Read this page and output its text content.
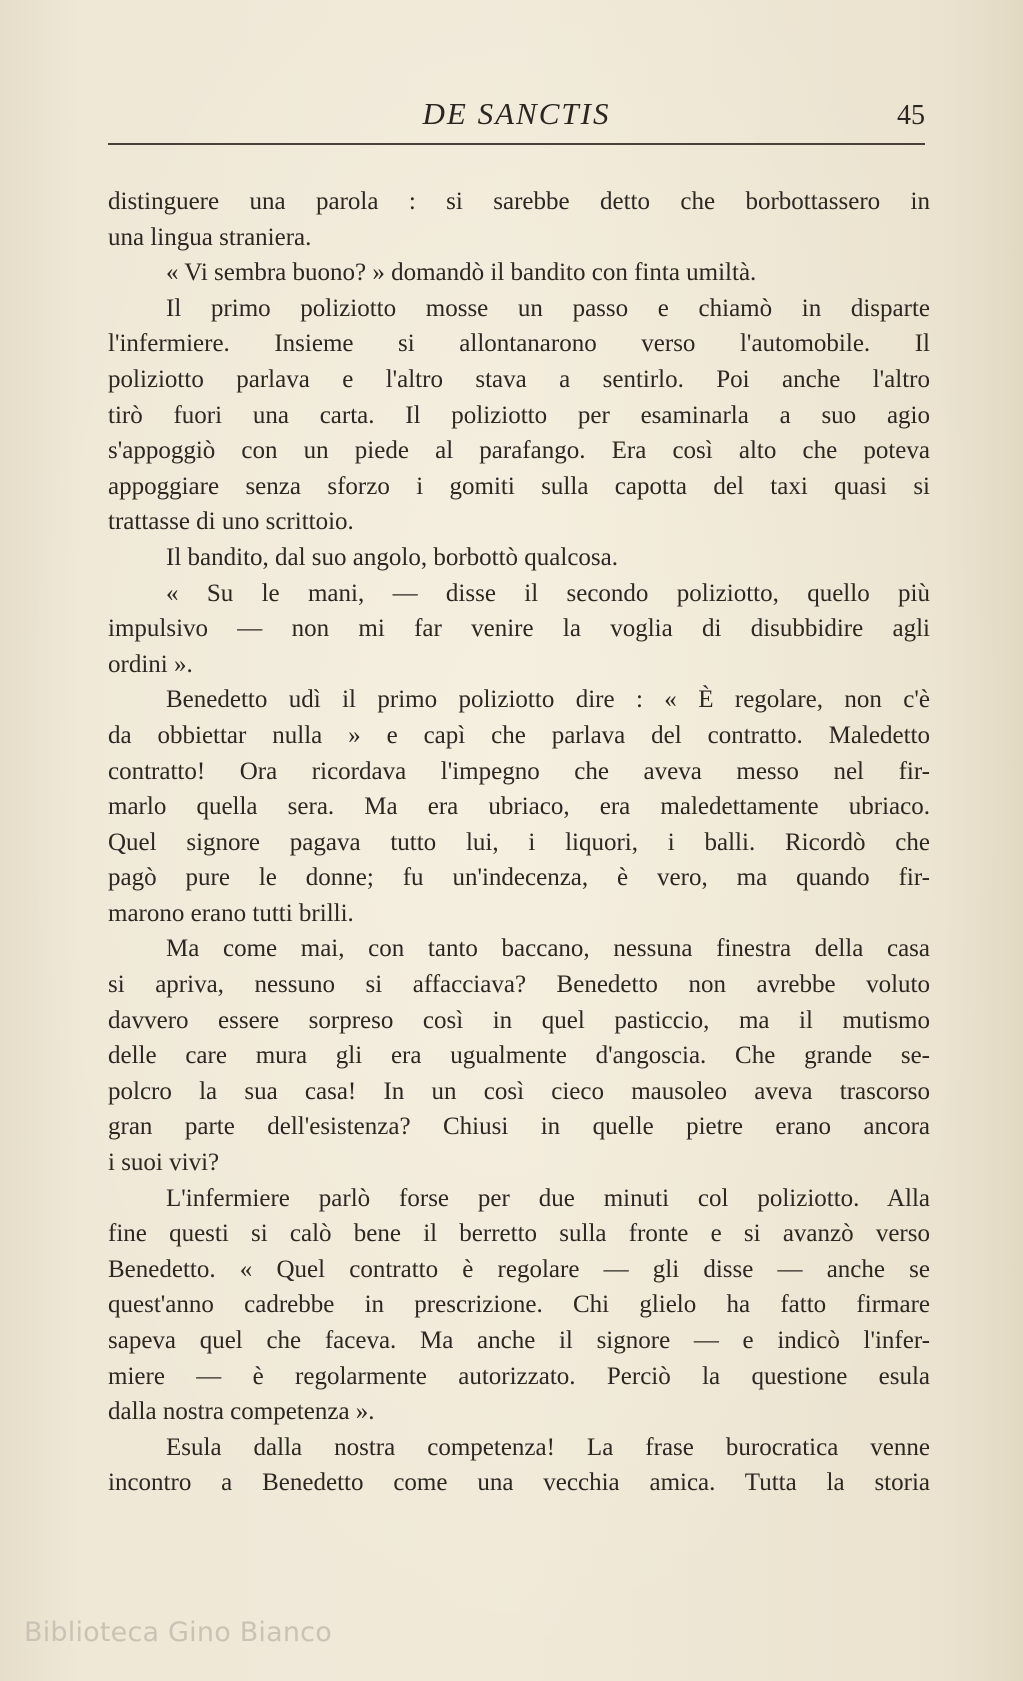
DE SANCTIS	45
distinguere una parola : si sarebbe detto che borbottassero in
una lingua straniera.
« Vi sembra buono? » domandò il bandito con finta umiltà.
Il primo poliziotto mosse un passo e chiamò in disparte
l'infermiere. Insieme si allontanarono verso l'automobile. Il
poliziotto parlava e l'altro stava a sentirlo. Poi anche l'altro
tirò fuori una carta. Il poliziotto per esaminarla a suo agio
s'appoggiò con un piede al parafango. Era così alto che poteva
appoggiare senza sforzo i gomiti sulla capotta del taxi quasi si
trattasse di uno scrittoio.
Il bandito, dal suo angolo, borbottò qualcosa.
« Su le mani, — disse il secondo poliziotto, quello più
impulsivo — non mi far venire la voglia di disubbidire agli
ordini ».
Benedetto udì il primo poliziotto dire : « È regolare, non c'è
da obbiettar nulla » e capì che parlava del contratto. Maledetto
contratto! Ora ricordava l'impegno che aveva messo nel fir-
marlo quella sera. Ma era ubriaco, era maledettamente ubriaco.
Quel signore pagava tutto lui, i liquori, i balli. Ricordò che
pagò pure le donne; fu un'indecenza, è vero, ma quando fir-
marono erano tutti brilli.
Ma come mai, con tanto baccano, nessuna finestra della casa
si apriva, nessuno si affacciava? Benedetto non avrebbe voluto
davvero essere sorpreso così in quel pasticcio, ma il mutismo
delle care mura gli era ugualmente d'angoscia. Che grande se-
polcro la sua casa! In un così cieco mausoleo aveva trascorso
gran parte dell'esistenza? Chiusi in quelle pietre erano ancora
i suoi vivi?
L'infermiere parlò forse per due minuti col poliziotto. Alla
fine questi si calò bene il berretto sulla fronte e si avanzò verso
Benedetto. « Quel contratto è regolare — gli disse — anche se
quest'anno cadrebbe in prescrizione. Chi glielo ha fatto firmare
sapeva quel che faceva. Ma anche il signore — e indicò l'infer-
miere — è regolarmente autorizzato. Perciò la questione esula
dalla nostra competenza ».
Esula dalla nostra competenza! La frase burocratica venne
incontro a Benedetto come una vecchia amica. Tutta la storia
Biblioteca Gino Bianco
